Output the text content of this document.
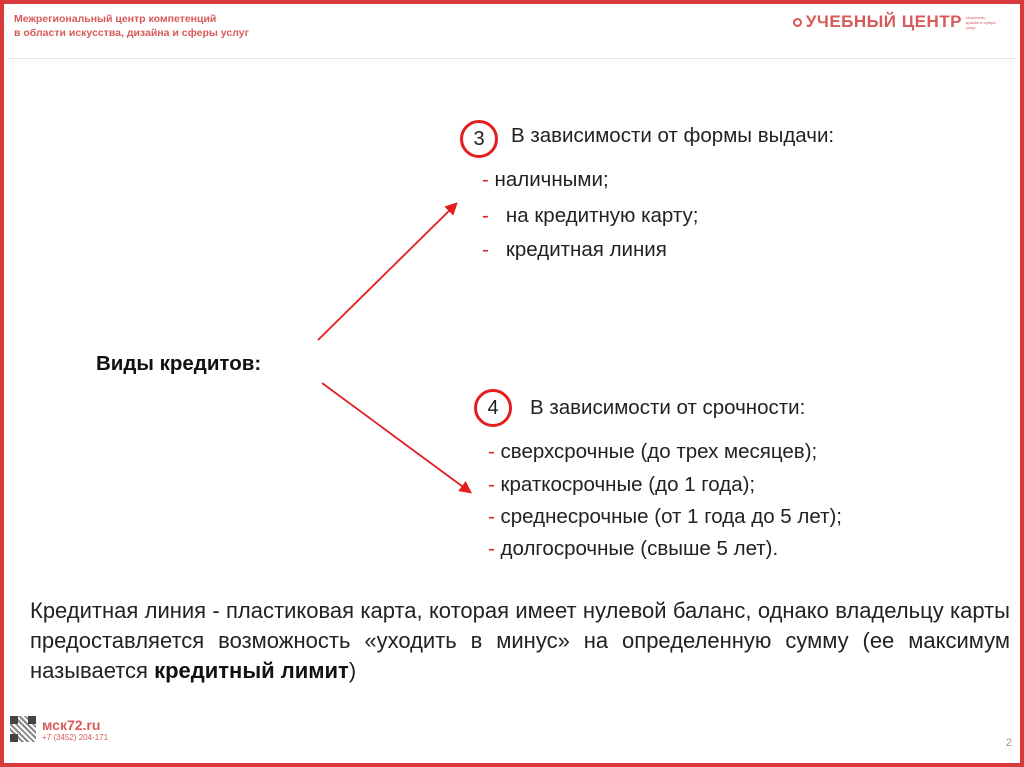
Межрегиональный центр компетенций
в области искусства, дизайна и сферы услуг
УЧЕБНЫЙ ЦЕНТР Искусство, дизайн и сфера услуг
Виды кредитов:
3	В зависимости от формы выдачи:
- наличными;
-   на кредитную карту;
-   кредитная линия
4	В зависимости от срочности:
- сверхсрочные (до трех месяцев);
- краткосрочные (до 1 года);
- среднесрочные (от 1 года до 5 лет);
- долгосрочные (свыше 5 лет).
Кредитная линия - пластиковая карта, которая имеет нулевой баланс, однако владельцу карты предоставляется возможность «уходить в минус» на определенную сумму (ее максимум называется кредитный лимит)
мск72.ru
+7 (3452) 204-171	2
